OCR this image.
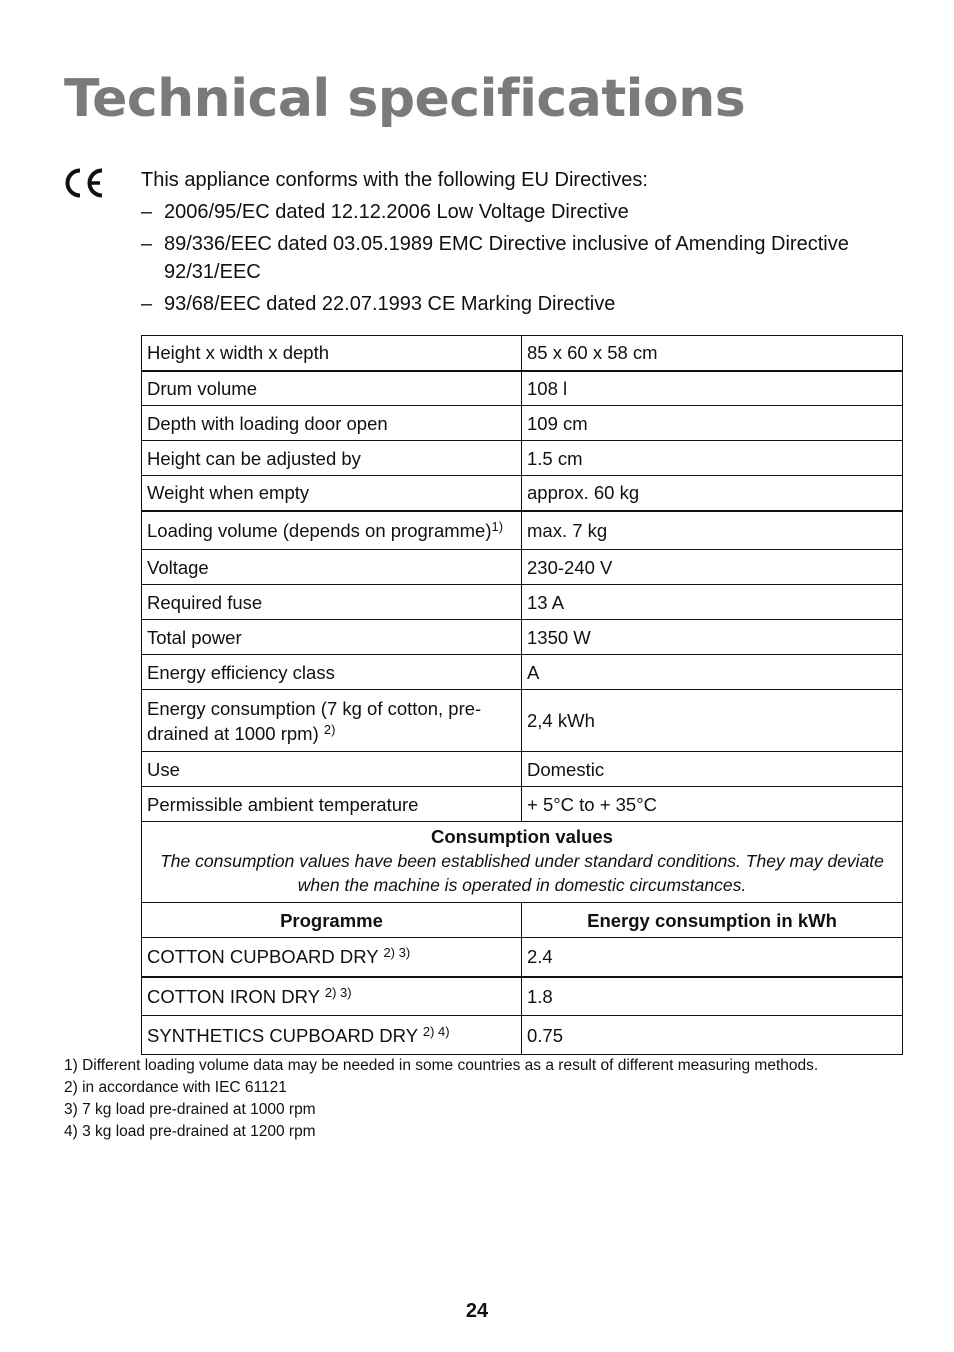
Technical specifications

This appliance conforms with the following EU Directives:

– 2006/95/EC dated 12.12.2006 Low Voltage Directive
– 89/336/EEC dated 03.05.1989 EMC Directive inclusive of Amending Directive 92/31/EEC
– 93/68/EEC dated 22.07.1993 CE Marking Directive
Height x width x depth	85 x 60 x 58 cm
Drum volume	108 l
Depth with loading door open	109 cm
Height can be adjusted by	1.5 cm
Weight when empty	approx. 60 kg
Loading volume (depends on programme)$^{1)}$	max. 7 kg
Voltage	230-240 V
Required fuse	13 A
Total power	1350 W
Energy efficiency class	A
Energy consumption (7 kg of cotton, pre-drained at 1000 rpm) $^{2)}$	2,4 kWh
Use	Domestic
Permissible ambient temperature	+ 5°C to + 35°C

Consumption values
The consumption values have been established under standard conditions. They may deviate when the machine is operated in domestic circumstances.	

Programme	Energy consumption in kWh
COTTON CUPBOARD DRY $^{2) 3)}$	2.4
COTTON IRON DRY $^{2) 3)}$	1.8
SYNTHETICS CUPBOARD DRY $^{2) 4)}$	0.75
1) Different loading volume data may be needed in some countries as a result of different measuring methods.
2) in accordance with IEC 61121
3) 7 kg load pre-drained at 1000 rpm
4) 3 kg load pre-drained at 1200 rpm
24
